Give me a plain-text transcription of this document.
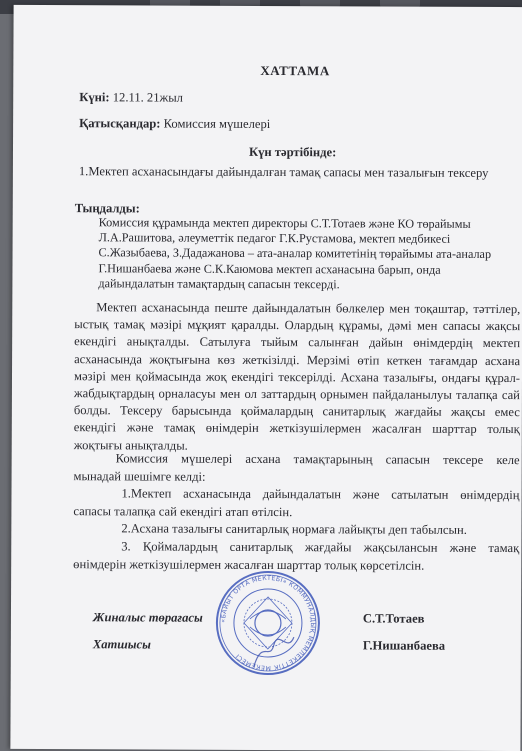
ХАТТАМА
Күні: 12.11. 21жыл
Қатысқандар: Комиссия мүшелері
Күн тәртібінде:
1.Мектеп асханасындағы дайындалған тамақ сапасы мен тазалығын тексеру
Тыңдалды:
Комиссия құрамында мектеп директоры С.Т.Тотаев және КО төрайымы
Л.А.Рашитова, әлеуметтік педагог Г.К.Рустамова, мектеп медбикесі
С.Жазыбаева, З.Дадажанова – ата-аналар комитетінің төрайымы ата-аналар
Г.Нишанбаева және С.К.Каюмова мектеп асханасына барып, онда
дайындалатын тамақтардың сапасын тексерді.

Мектеп асханасында пеште дайындалатын бөлкелер мен тоқаштар, тәттілер,

ыстық тамақ мәзірі мұқият қаралды. Олардың құрамы, дәмі мен сапасы жақсы

екендігі анықталды. Сатылуға тыйым салынған дайын өнімдердің мектеп

асханасында жоқтығына көз жеткізілді. Мерзімі өтіп кеткен тағамдар асхана

мәзірі мен қоймасында жоқ екендігі тексерілді. Асхана тазалығы, ондағы құрал-

жабдықтардың орналасуы мен ол заттардың орнымен пайдаланылуы талапқа сай

болды. Тексеру барысында қоймалардың санитарлық жағдайы жақсы емес

екендігі және тамақ өнімдерін жеткізушілермен жасалған шарттар толық

жоқтығы анықталды.

Комиссия мүшелері асхана тамақтарының сапасын тексере келе

мынадай шешімге келді:

1.Мектеп асханасында дайындалатын және сатылатын өнімдердің

сапасы талапқа сай екендігі атап өтілсін.

2.Асхана тазалығы санитарлық нормаға лайықты деп табылсын.

3. Қоймалардың санитарлық жағдайы жақсыланcын және тамақ

өнімдерін жеткізушілермен жасалған шарттар толық көрсетілсін.

«БАЙЫТ ОРТА МЕКТЕБІ» КОММУНАЛДЫҚ МЕМЛЕКЕТТІК МЕКЕМЕСІ
Жиналыс төрағасы	С.Т.Тотаев
Хатшысы	Г.Нишанбаева
